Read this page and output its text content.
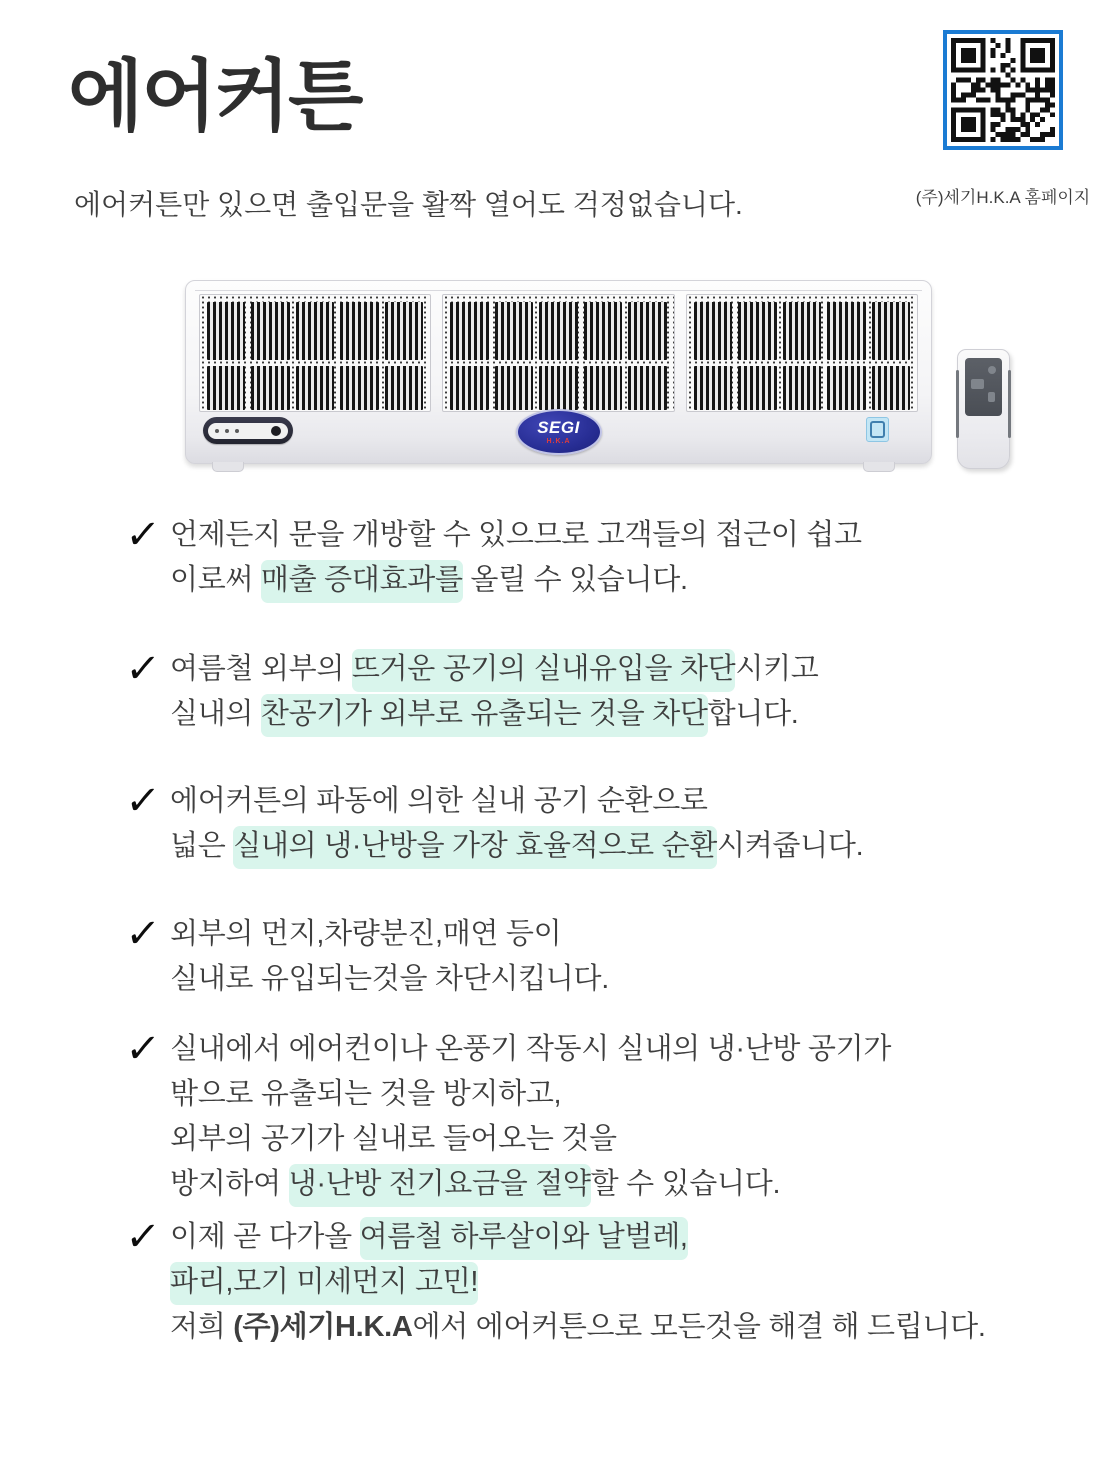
에어커튼
에어커튼만 있으면 출입문을 활짝 열어도 걱정없습니다.	(주)세기H.K.A 홈페이지
SEGI
H.K.A
✓ 언제든지 문을 개방할 수 있으므로 고객들의 접근이 쉽고
이로써 매출 증대효과를 올릴 수 있습니다.
✓ 여름철 외부의 뜨거운 공기의 실내유입을 차단시키고
실내의 찬공기가 외부로 유출되는 것을 차단합니다.
✓ 에어커튼의 파동에 의한 실내 공기 순환으로
넓은 실내의 냉·난방을 가장 효율적으로 순환시켜줍니다.
✓ 외부의 먼지,차량분진,매연 등이
실내로 유입되는것을 차단시킵니다.
✓ 실내에서 에어컨이나 온풍기 작동시 실내의 냉·난방 공기가
밖으로 유출되는 것을 방지하고,
외부의 공기가 실내로 들어오는 것을
방지하여 냉·난방 전기요금을 절약할 수 있습니다.
✓ 이제 곧 다가올 여름철 하루살이와 날벌레,
파리,모기 미세먼지 고민!
저희 (주)세기H.K.A에서 에어커튼으로 모든것을 해결 해 드립니다.
